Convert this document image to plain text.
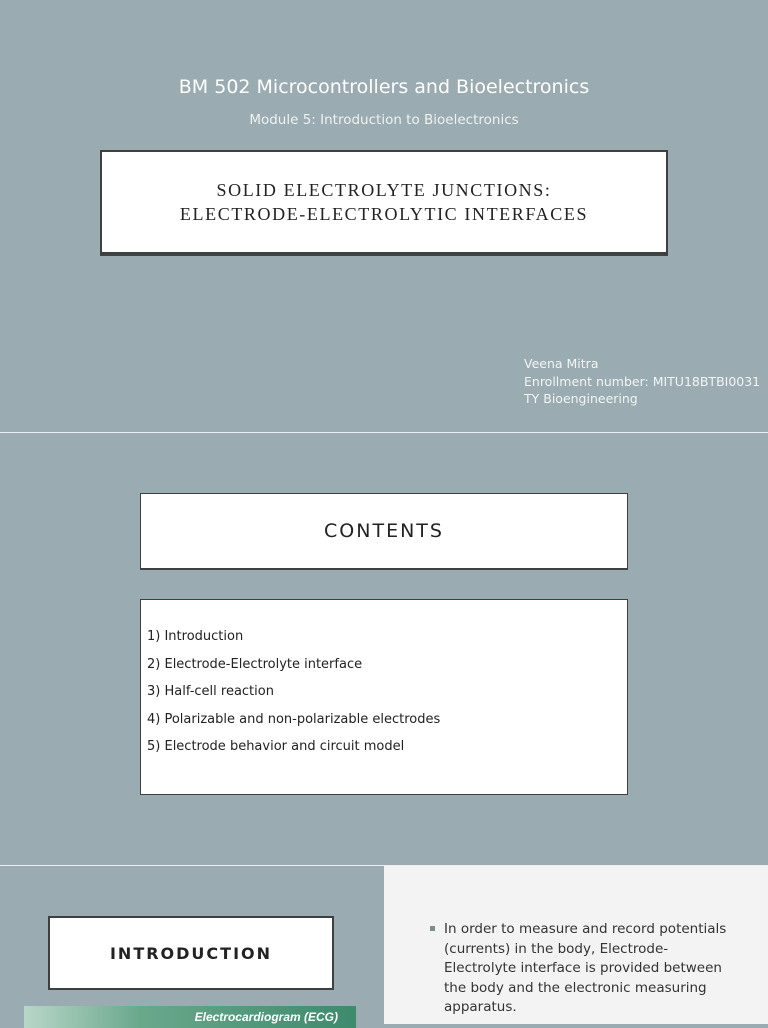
BM 502 Microcontrollers and Bioelectronics
Module 5: Introduction to Bioelectronics
SOLID ELECTROLYTE JUNCTIONS:
ELECTRODE-ELECTROLYTIC INTERFACES
Veena Mitra
Enrollment number: MITU18BTBI0031
TY Bioengineering
CONTENTS
1) Introduction
2) Electrode-Electrolyte interface
3) Half-cell reaction
4) Polarizable and non-polarizable electrodes
5) Electrode behavior and circuit model
INTRODUCTION
Electrocardiogram (ECG)
In order to measure and record potentials (currents) in the body, Electrode-Electrolyte interface is provided between the body and the electronic measuring apparatus.
